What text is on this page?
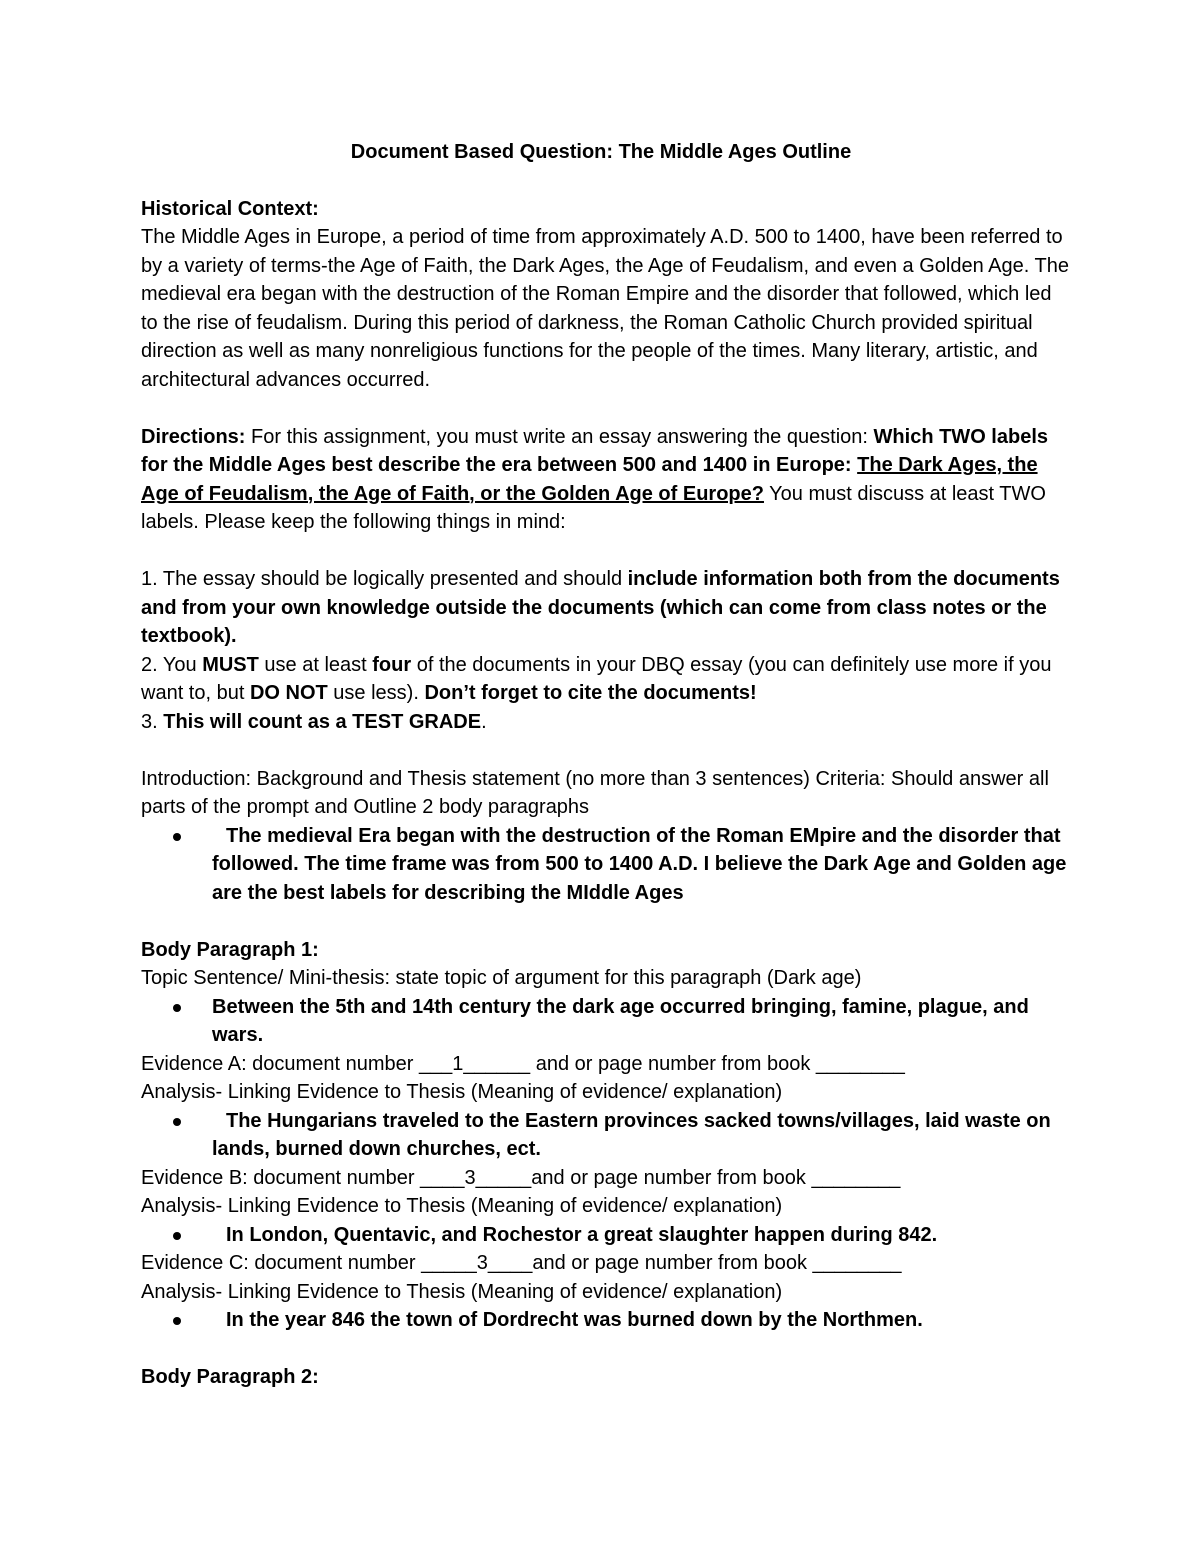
Document Based Question: The Middle Ages Outline

Historical Context:

The Middle Ages in Europe, a period of time from approximately A.D. 500 to 1400, have been referred to by a variety of terms-the Age of Faith, the Dark Ages, the Age of Feudalism, and even a Golden Age. The medieval era began with the destruction of the Roman Empire and the disorder that followed, which led to the rise of feudalism. During this period of darkness, the Roman Catholic Church provided spiritual direction as well as many nonreligious functions for the people of the times. Many literary, artistic, and architectural advances occurred.

Directions: For this assignment, you must write an essay answering the question: Which TWO labels for the Middle Ages best describe the era between 500 and 1400 in Europe: The Dark Ages, the Age of Feudalism, the Age of Faith, or the Golden Age of Europe? You must discuss at least TWO labels. Please keep the following things in mind:

1. The essay should be logically presented and should include information both from the documents and from your own knowledge outside the documents (which can come from class notes or the textbook).

2. You MUST use at least four of the documents in your DBQ essay (you can definitely use more if you want to, but DO NOT use less). Don’t forget to cite the documents!

3. This will count as a TEST GRADE.

Introduction: Background and Thesis statement (no more than 3 sentences) Criteria: Should answer all parts of the prompt and Outline 2 body paragraphs

The medieval Era began with the destruction of the Roman EMpire and the disorder that followed. The time frame was from 500 to 1400 A.D. I believe the Dark Age and Golden age are the best labels for describing the MIddle Ages

Body Paragraph 1:

Topic Sentence/ Mini-thesis: state topic of argument for this paragraph (Dark age)

Between the 5th and 14th century the dark age occurred bringing, famine, plague, and wars.

Evidence A: document number ___1______ and or page number from book ________

Analysis- Linking Evidence to Thesis (Meaning of evidence/ explanation)

The Hungarians traveled to the Eastern provinces sacked towns/villages, laid waste on lands, burned down churches, ect.

Evidence B: document number ____3_____and or page number from book ________

Analysis- Linking Evidence to Thesis (Meaning of evidence/ explanation)

In London, Quentavic, and Rochestor a great slaughter happen during 842.

Evidence C: document number _____3____and or page number from book ________

Analysis- Linking Evidence to Thesis (Meaning of evidence/ explanation)

In the year 846 the town of Dordrecht was burned down by the Northmen.

Body Paragraph 2:
